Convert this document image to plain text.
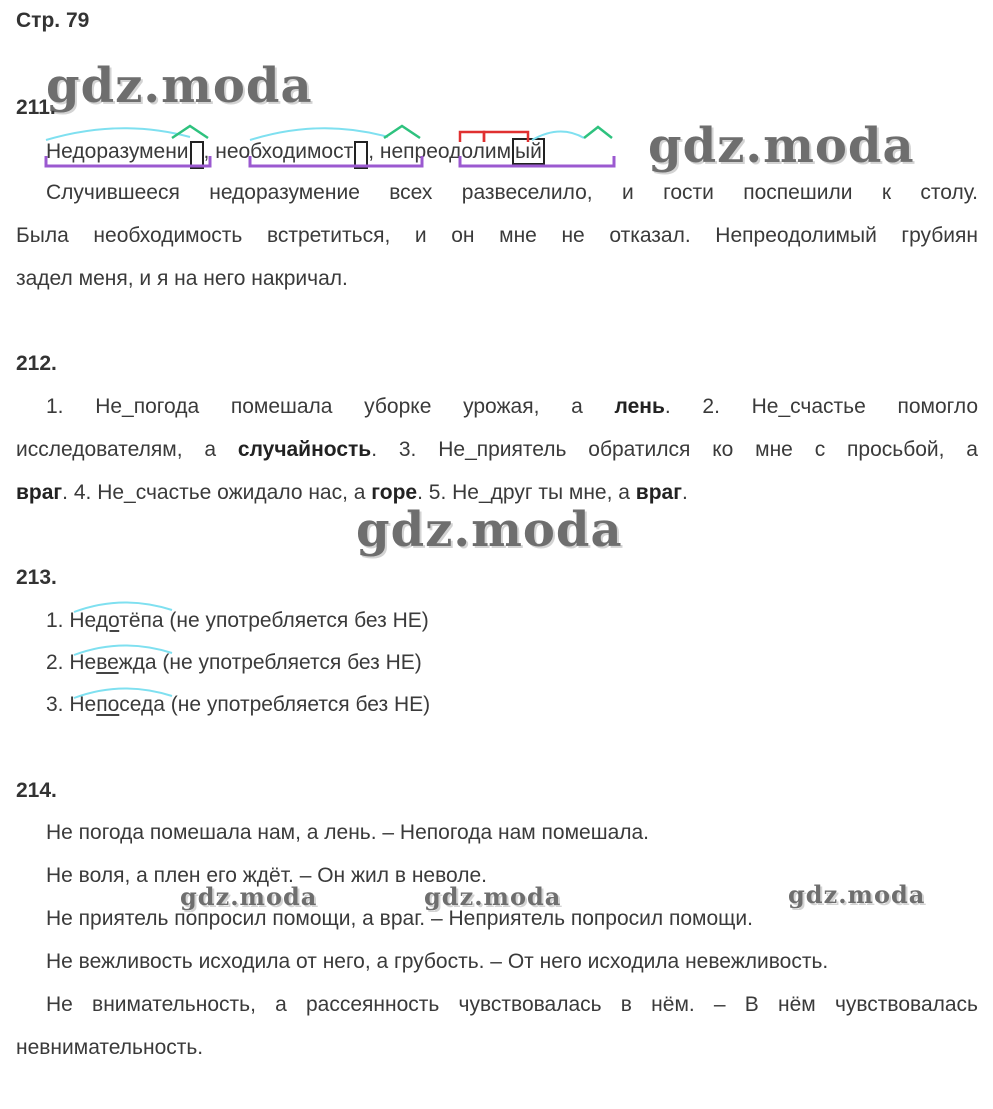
Стр. 79
gdz.moda
gdz.moda
gdz.moda
gdz.moda	gdz.moda	gdz.moda
211.
Недоразумени , необходимост , непреодолим ый
Случившееся недоразумение всех развеселило, и гости поспешили к столу.
Была необходимость встретиться, и он мне не отказал. Непреодолимый грубиян
задел меня, и я на него накричал.
212.
1. Не_погода помешала уборке урожая, а лень. 2. Не_счастье помогло
исследователям, а случайность. 3. Не_приятель обратился ко мне с просьбой, а
враг. 4. Не_счастье ожидало нас, а горе. 5. Не_друг ты мне, а враг.
213.
1. Недотёпа (не употребляется без НЕ)
2. Невежда (не употребляется без НЕ)
3. Непоседа (не употребляется без НЕ)
214.
Не погода помешала нам, а лень. – Непогода нам помешала.
Не воля, а плен его ждёт. – Он жил в неволе.
Не приятель попросил помощи, а враг. – Неприятель попросил помощи.
Не вежливость исходила от него, а грубость. – От него исходила невежливость.
Не внимательность, а рассеянность чувствовалась в нём. – В нём чувствовалась
невнимательность.
